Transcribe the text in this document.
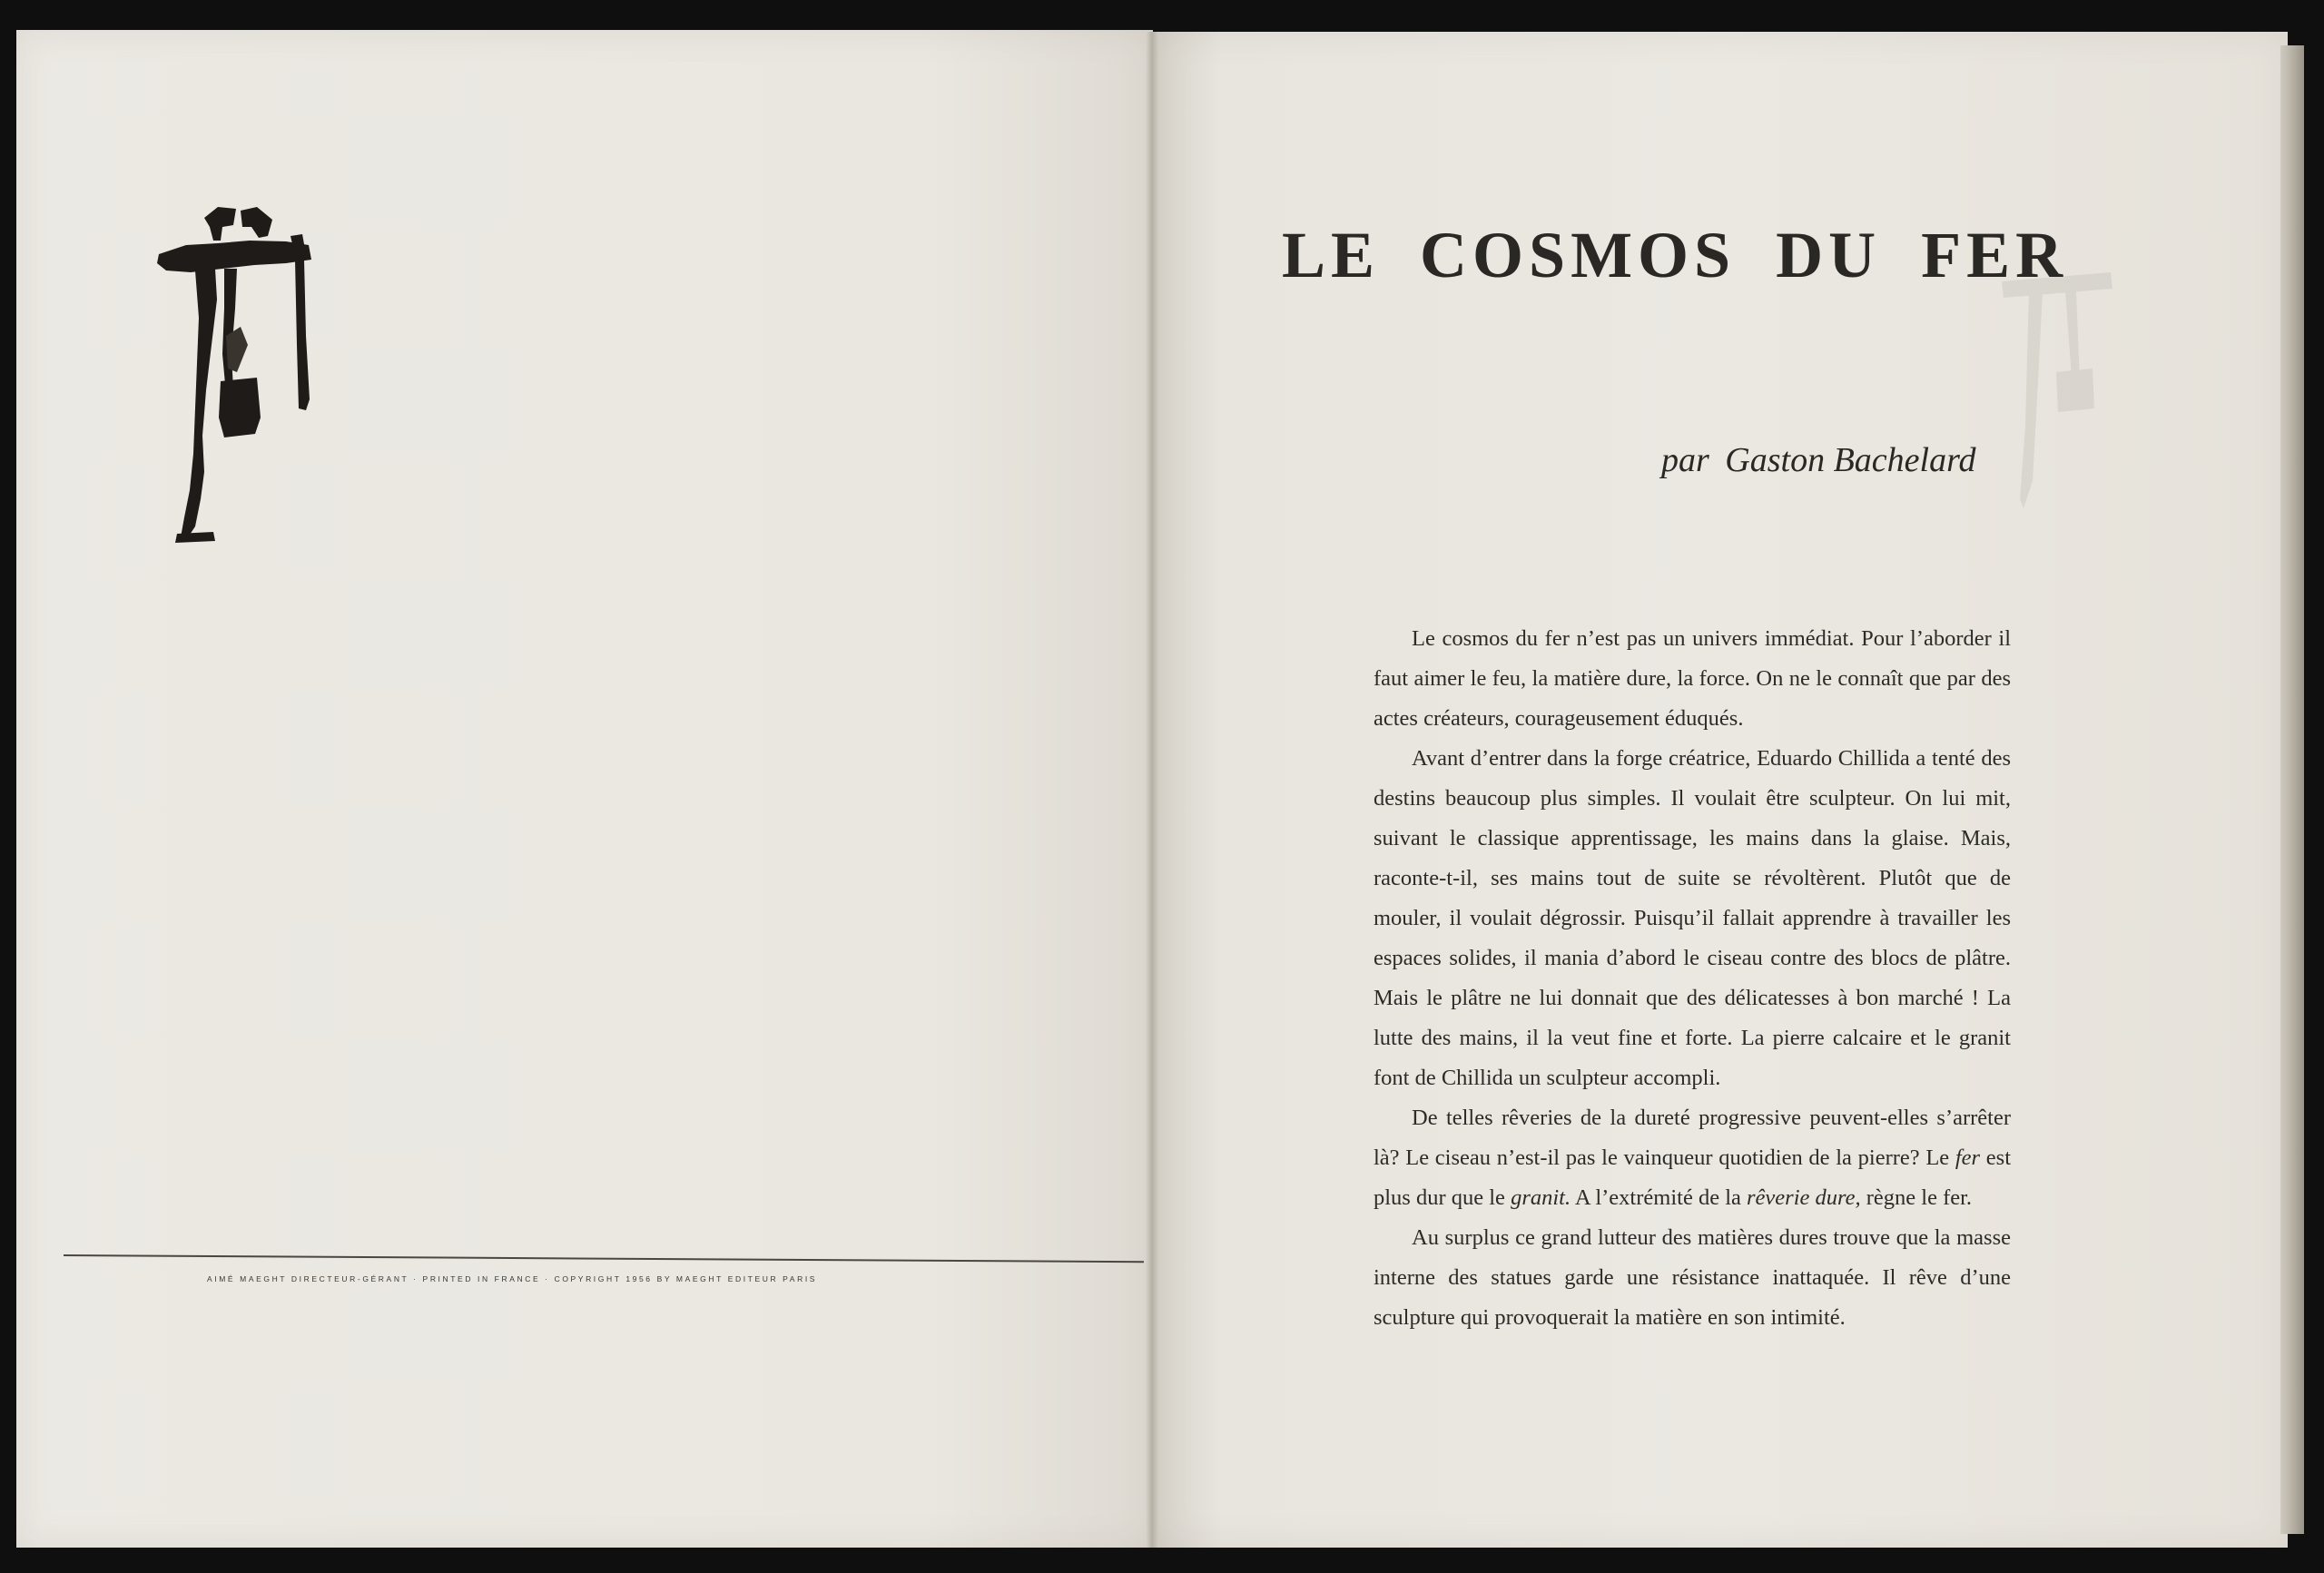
AIMÉ MAEGHT DIRECTEUR-GÉRANT · PRINTED IN FRANCE · COPYRIGHT 1956 BY MAEGHT EDITEUR PARIS
LE COSMOS DU FER
par Gaston Bachelard

Le cosmos du fer n’est pas un univers immédiat. Pour l’aborder il faut aimer le feu, la matière dure, la force. On ne le connaît que par des actes créateurs, courageusement éduqués.

Avant d’entrer dans la forge créatrice, Eduardo Chillida a tenté des destins beaucoup plus simples. Il voulait être sculpteur. On lui mit, suivant le classique apprentissage, les mains dans la glaise. Mais, raconte-t-il, ses mains tout de suite se révoltèrent. Plutôt que de mouler, il voulait dégrossir. Puisqu’il fallait apprendre à travailler les espaces solides, il mania d’abord le ciseau contre des blocs de plâtre. Mais le plâtre ne lui donnait que des délicatesses à bon marché ! La lutte des mains, il la veut fine et forte. La pierre calcaire et le granit font de Chillida un sculpteur accompli.

De telles rêveries de la dureté progressive peuvent-elles s’arrêter là? Le ciseau n’est-il pas le vainqueur quotidien de la pierre? Le fer est plus dur que le granit. A l’extrémité de la rêverie dure, règne le fer.

Au surplus ce grand lutteur des matières dures trouve que la masse interne des statues garde une résistance inattaquée. Il rêve d’une sculpture qui provoquerait la matière en son intimité.
